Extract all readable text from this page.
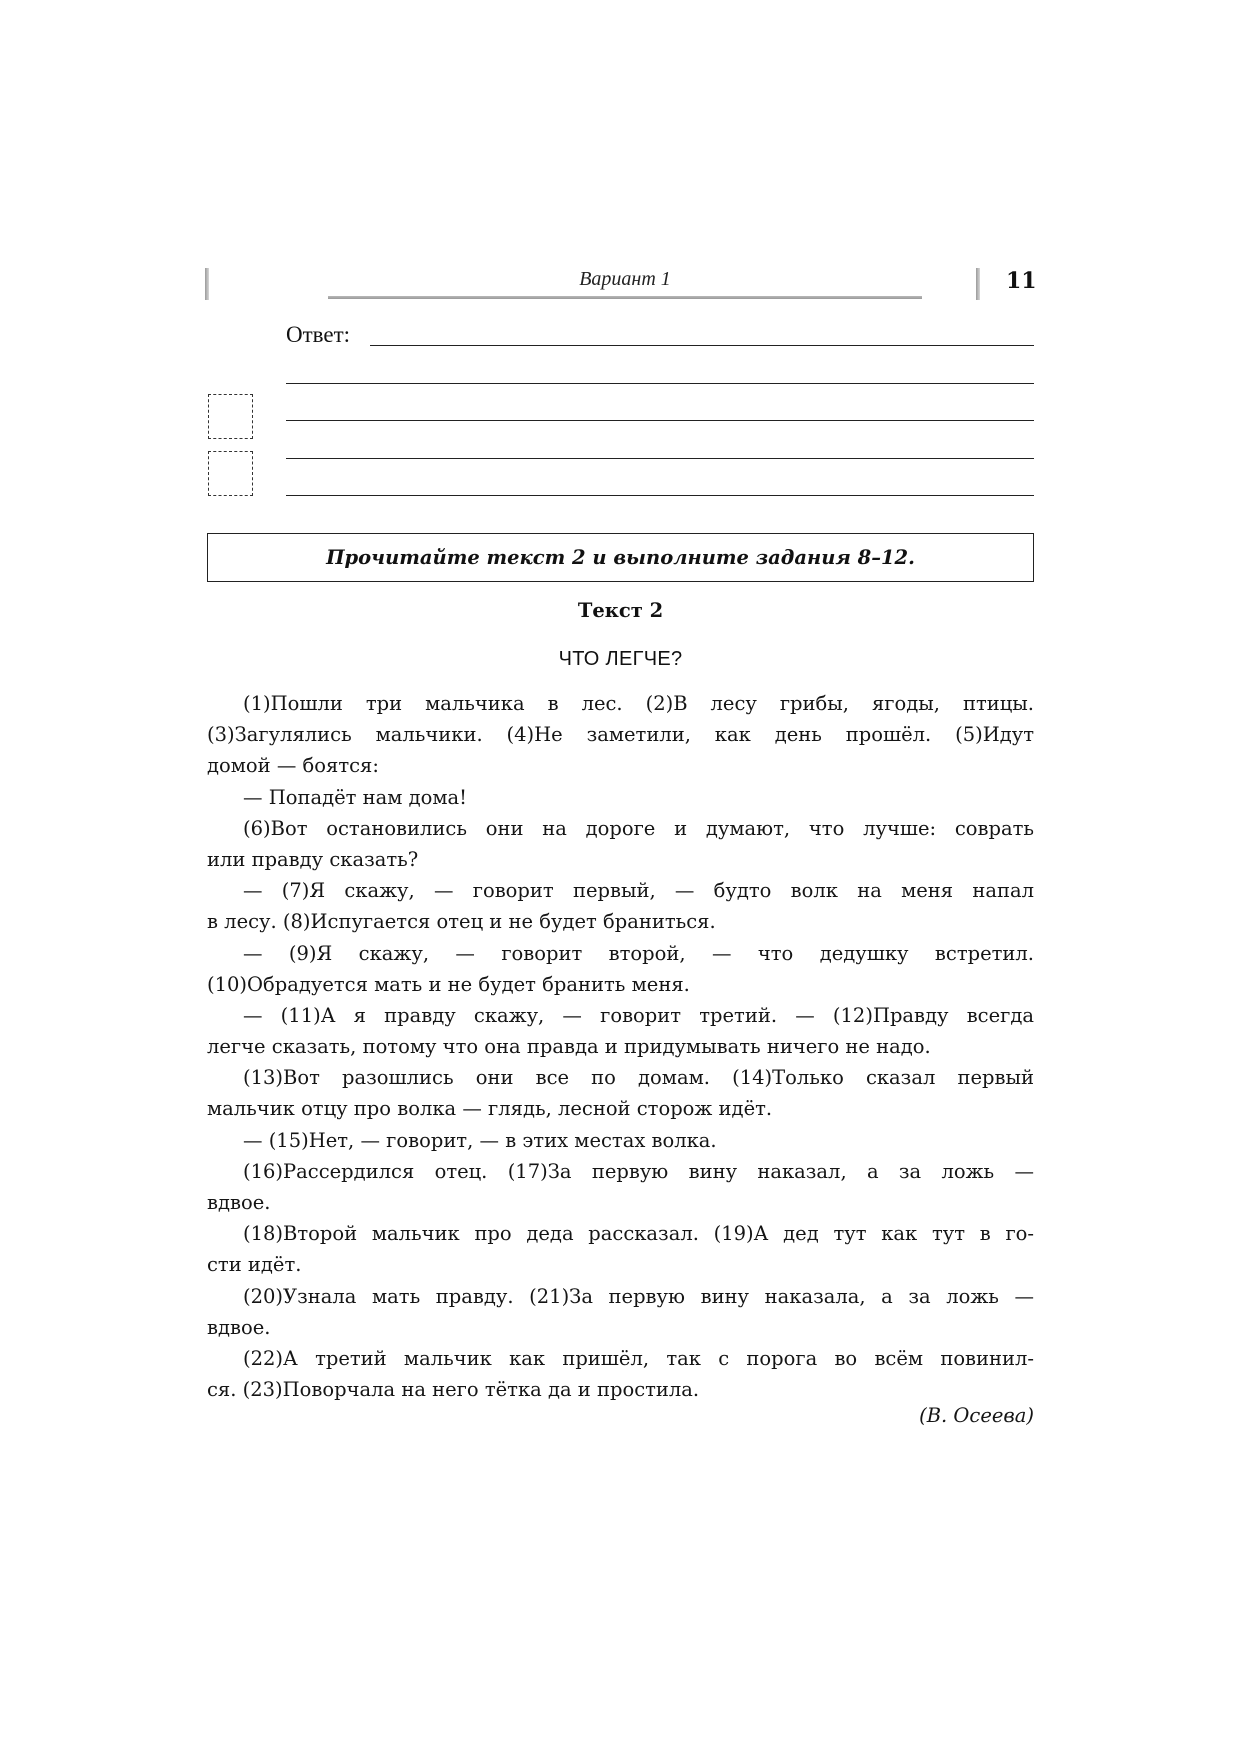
Вариант 1	11
Ответ:
Прочитайте текст 2 и выполните задания 8–12.
Текст 2
ЧТО ЛЕГЧЕ?
(1)Пошли три мальчика в лес. (2)В лесу грибы, ягоды, птицы.
(3)Загулялись мальчики. (4)Не заметили, как день прошёл. (5)Идут
домой — боятся:
— Попадёт нам дома!
(6)Вот остановились они на дороге и думают, что лучше: соврать
или правду сказать?
— (7)Я скажу, — говорит первый, — будто волк на меня напал
в лесу. (8)Испугается отец и не будет браниться.
— (9)Я скажу, — говорит второй, — что дедушку встретил.
(10)Обрадуется мать и не будет бранить меня.
— (11)А я правду скажу, — говорит третий. — (12)Правду всегда
легче сказать, потому что она правда и придумывать ничего не надо.
(13)Вот разошлись они все по домам. (14)Только сказал первый
мальчик отцу про волка — глядь, лесной сторож идёт.
— (15)Нет, — говорит, — в этих местах волка.
(16)Рассердился отец. (17)За первую вину наказал, а за ложь —
вдвое.
(18)Второй мальчик про деда рассказал. (19)А дед тут как тут в го-
сти идёт.
(20)Узнала мать правду. (21)За первую вину наказала, а за ложь —
вдвое.
(22)А третий мальчик как пришёл, так с порога во всём повинил-
ся. (23)Поворчала на него тётка да и простила.
(В. Осеева)
